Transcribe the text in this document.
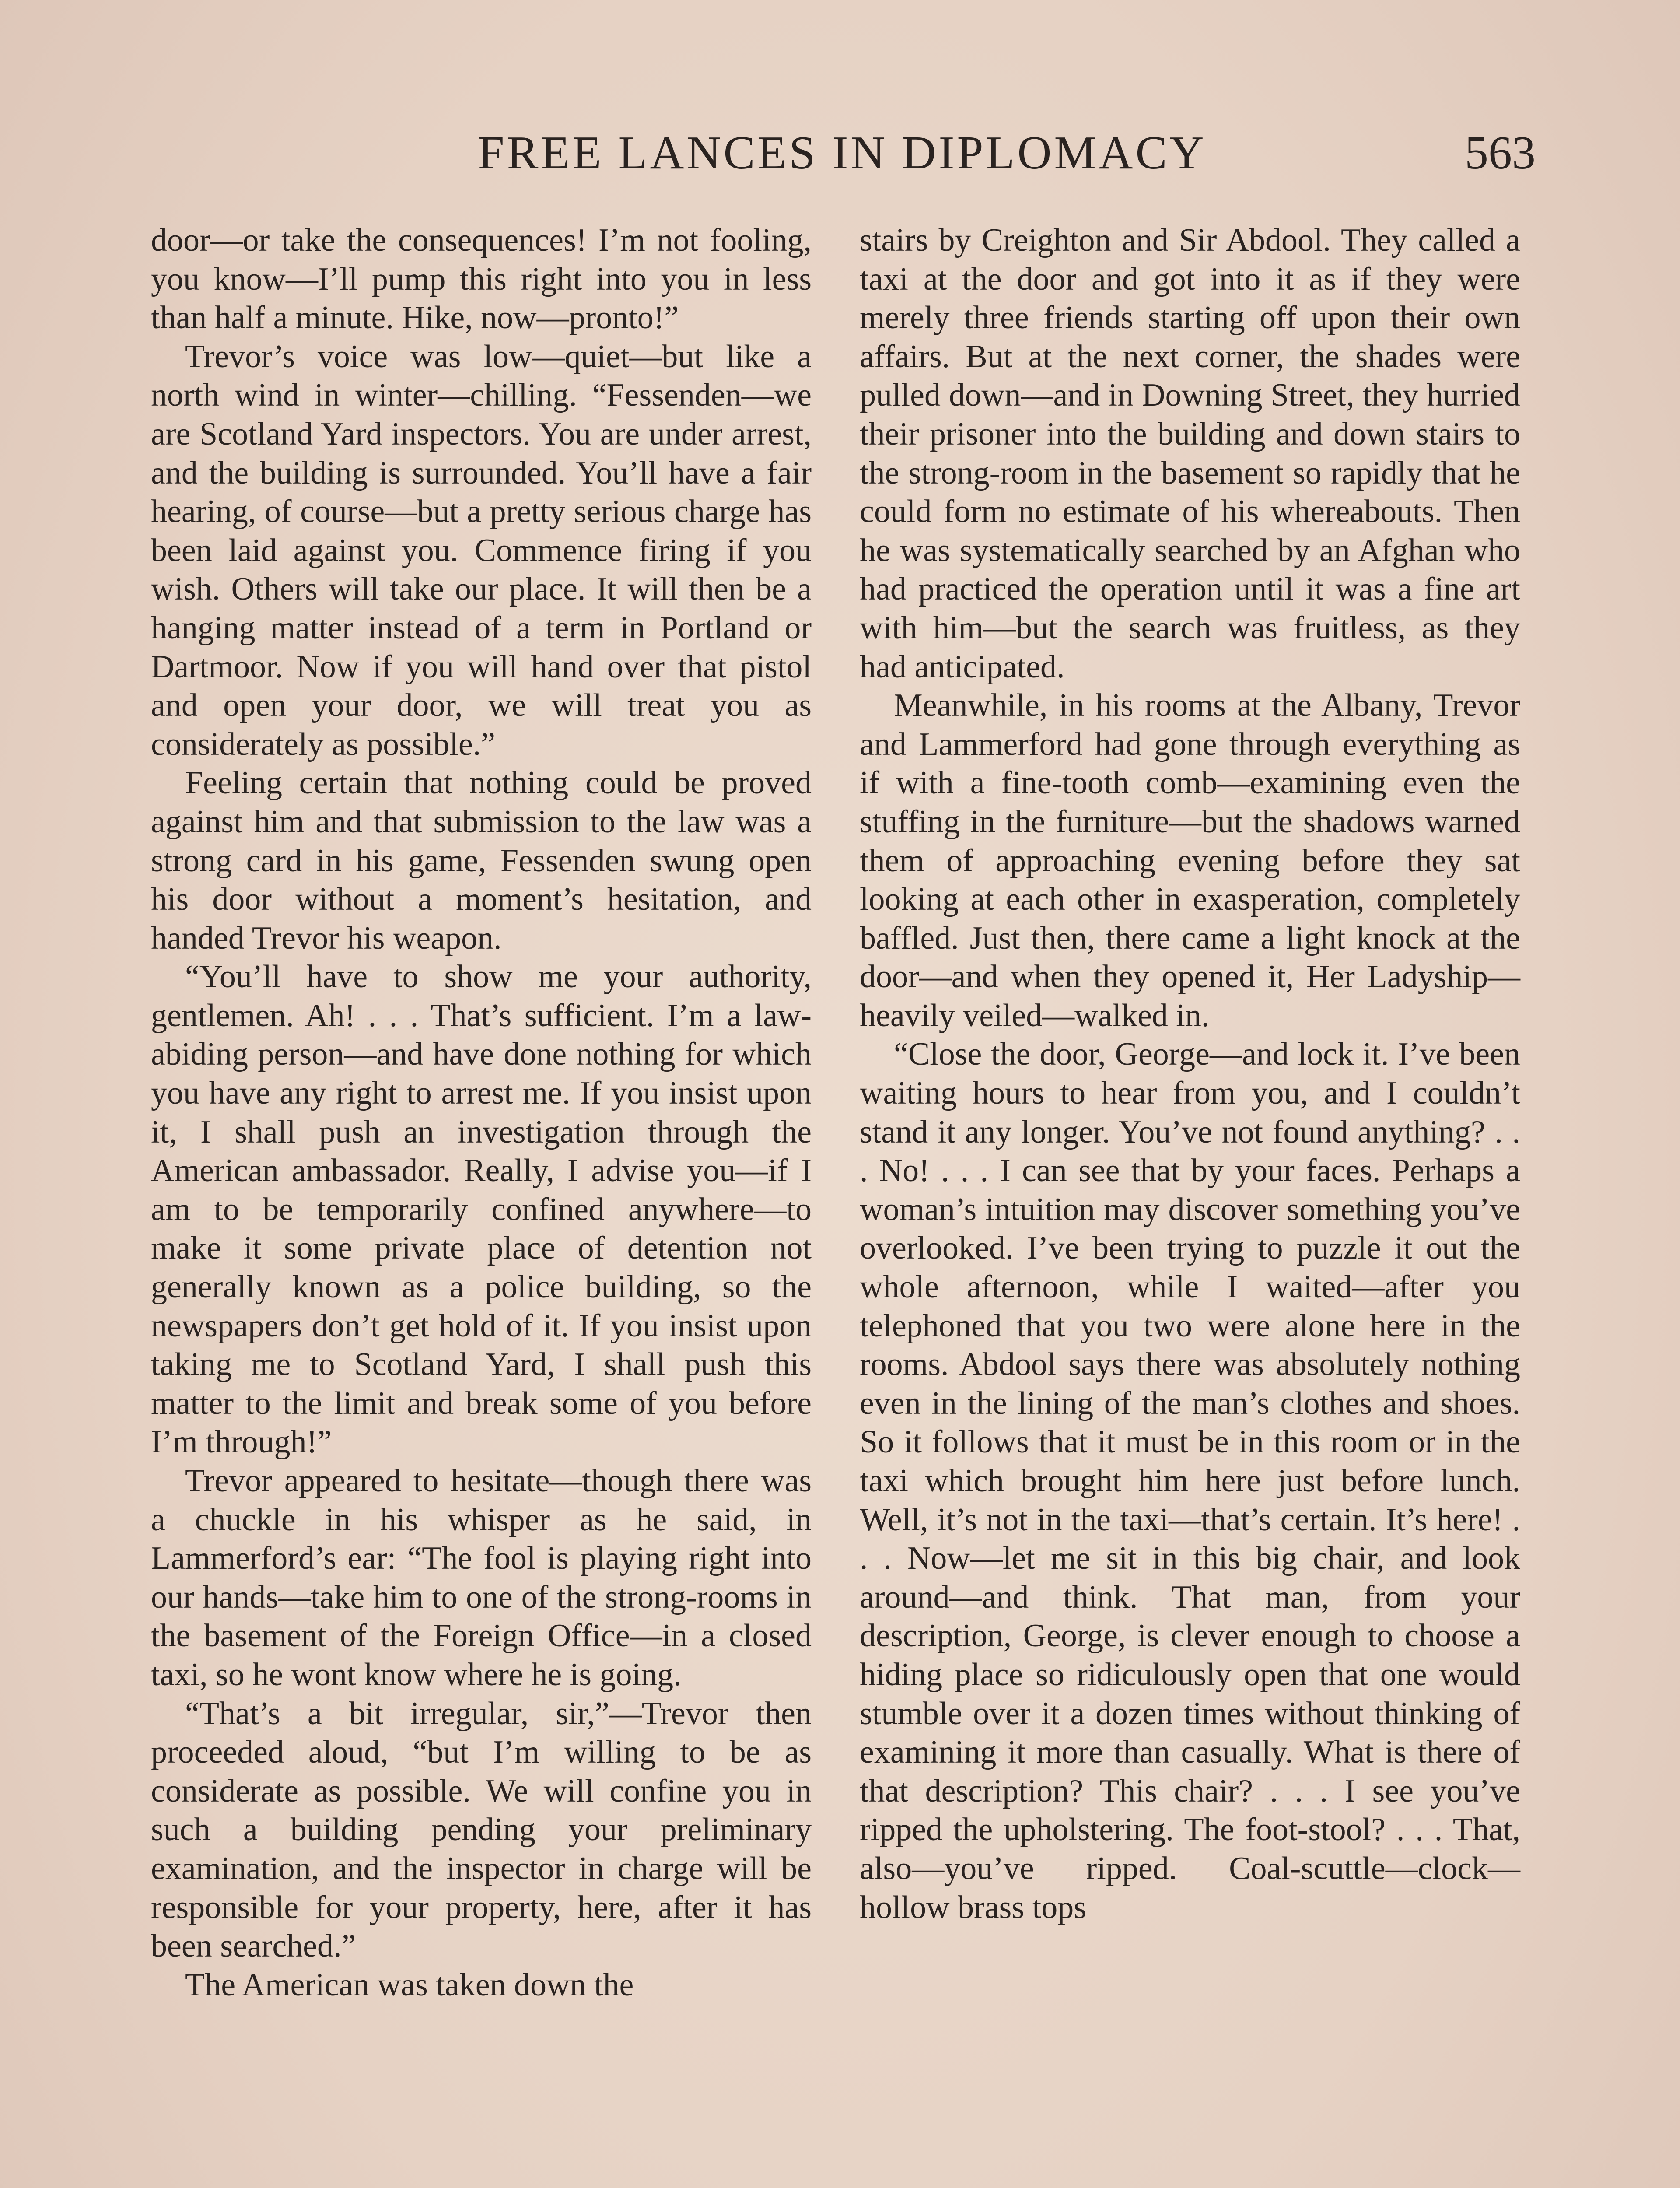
FREE LANCES IN DIPLOMACY	563

door—or take the consequences! I’m not fooling, you know—I’ll pump this right into you in less than half a minute. Hike, now—pronto!”

Trevor’s voice was low—quiet—but like a north wind in winter—chilling. “Fessenden—we are Scotland Yard inspectors. You are under arrest, and the building is surrounded. You’ll have a fair hearing, of course—but a pretty serious charge has been laid against you. Commence firing if you wish. Others will take our place. It will then be a hanging matter instead of a term in Portland or Dartmoor. Now if you will hand over that pistol and open your door, we will treat you as considerately as possible.”

Feeling certain that nothing could be proved against him and that submission to the law was a strong card in his game, Fessenden swung open his door without a moment’s hesitation, and handed Trevor his weapon.

“You’ll have to show me your authority, gentlemen. Ah! . . . That’s sufficient. I’m a law-abiding person—and have done nothing for which you have any right to arrest me. If you insist upon it, I shall push an investigation through the American ambassador. Really, I advise you—if I am to be temporarily confined anywhere—to make it some private place of detention not generally known as a police building, so the newspapers don’t get hold of it. If you insist upon taking me to Scotland Yard, I shall push this matter to the limit and break some of you before I’m through!”

Trevor appeared to hesitate—though there was a chuckle in his whisper as he said, in Lammerford’s ear: “The fool is playing right into our hands—take him to one of the strong-rooms in the basement of the Foreign Office—in a closed taxi, so he wont know where he is going.

“That’s a bit irregular, sir,”—Trevor then proceeded aloud, “but I’m willing to be as considerate as possible. We will confine you in such a building pending your preliminary examination, and the inspector in charge will be responsible for your property, here, after it has been searched.”

The American was taken down the

stairs by Creighton and Sir Abdool. They called a taxi at the door and got into it as if they were merely three friends starting off upon their own affairs. But at the next corner, the shades were pulled down—and in Downing Street, they hurried their prisoner into the building and down stairs to the strong-room in the basement so rapidly that he could form no estimate of his whereabouts. Then he was systematically searched by an Afghan who had practiced the operation until it was a fine art with him—but the search was fruitless, as they had anticipated.

Meanwhile, in his rooms at the Albany, Trevor and Lammerford had gone through everything as if with a fine-tooth comb—examining even the stuffing in the furniture—but the shadows warned them of approaching evening before they sat looking at each other in exasperation, completely baffled. Just then, there came a light knock at the door—and when they opened it, Her Ladyship—heavily veiled—walked in.

“Close the door, George—and lock it. I’ve been waiting hours to hear from you, and I couldn’t stand it any longer. You’ve not found anything? . . . No! . . . I can see that by your faces. Perhaps a woman’s intuition may discover something you’ve overlooked. I’ve been trying to puzzle it out the whole afternoon, while I waited—after you telephoned that you two were alone here in the rooms. Abdool says there was absolutely nothing even in the lining of the man’s clothes and shoes. So it follows that it must be in this room or in the taxi which brought him here just before lunch. Well, it’s not in the taxi—that’s certain. It’s here! . . . Now—let me sit in this big chair, and look around—and think. That man, from your description, George, is clever enough to choose a hiding place so ridiculously open that one would stumble over it a dozen times without thinking of examining it more than casually. What is there of that description? This chair? . . . I see you’ve ripped the upholstering. The foot-stool? . . . That, also—you’ve ripped. Coal-scuttle—clock—hollow brass tops
